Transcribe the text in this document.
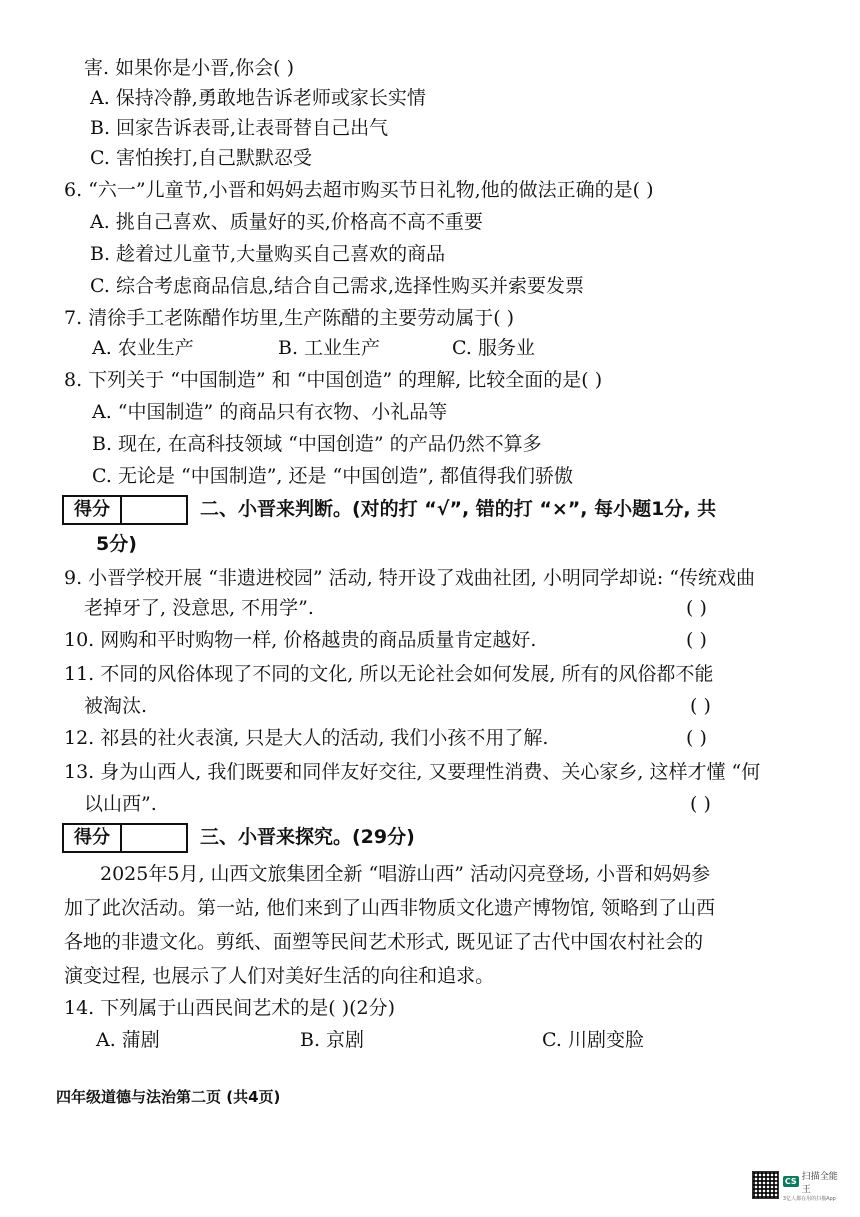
害. 如果你是小晋,你会( )
A. 保持冷静,勇敢地告诉老师或家长实情
B. 回家告诉表哥,让表哥替自己出气
C. 害怕挨打,自己默默忍受
6. “六一”儿童节,小晋和妈妈去超市购买节日礼物,他的做法正确的是( )
A. 挑自己喜欢、质量好的买,价格高不高不重要
B. 趁着过儿童节,大量购买自己喜欢的商品
C. 综合考虑商品信息,结合自己需求,选择性购买并索要发票
7. 清徐手工老陈醋作坊里,生产陈醋的主要劳动属于( )
A. 农业生产	B. 工业生产	C. 服务业
8. 下列关于 “中国制造” 和 “中国创造” 的理解, 比较全面的是( )
A. “中国制造” 的商品只有衣物、小礼品等
B. 现在, 在高科技领域 “中国创造” 的产品仍然不算多
C. 无论是 “中国制造”, 还是 “中国创造”, 都值得我们骄傲
得分	二、小晋来判断。(对的打 “√”, 错的打 “×”, 每小题1分, 共
5分)
9. 小晋学校开展 “非遗进校园” 活动, 特开设了戏曲社团, 小明同学却说: “传统戏曲
老掉牙了, 没意思, 不用学”.	( )
10. 网购和平时购物一样, 价格越贵的商品质量肯定越好.	( )
11. 不同的风俗体现了不同的文化, 所以无论社会如何发展, 所有的风俗都不能
被淘汰.	( )
12. 祁县的社火表演, 只是大人的活动, 我们小孩不用了解.	( )
13. 身为山西人, 我们既要和同伴友好交往, 又要理性消费、关心家乡, 这样才懂 “何
以山西”.	( )
得分	三、小晋来探究。(29分)
2025年5月, 山西文旅集团全新 “唱游山西” 活动闪亮登场, 小晋和妈妈参
加了此次活动。第一站, 他们来到了山西非物质文化遗产博物馆, 领略到了山西
各地的非遗文化。剪纸、面塑等民间艺术形式, 既见证了古代中国农村社会的
演变过程, 也展示了人们对美好生活的向往和追求。
14. 下列属于山西民间艺术的是( )(2分)
A. 蒲剧	B. 京剧	C. 川剧变脸
四年级道德与法治第二页 (共4页)
CS 扫描全能王
3亿人都在用的扫描App
